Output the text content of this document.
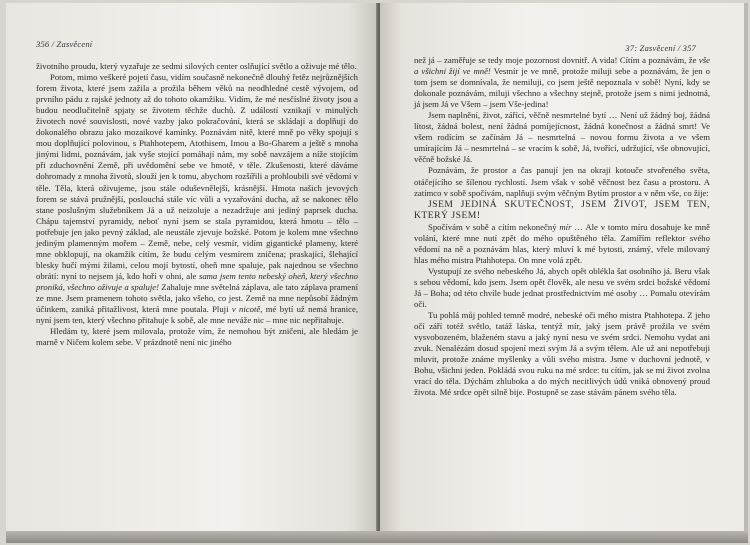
356 / Zasvěcení

životního proudu, který vyzařuje ze sedmi silových center oslňující světlo a oživuje mé tělo.

Potom, mimo veškeré pojetí času, vidím současně nekonečně dlouhý řetěz nejrůznějších forem života, které jsem zažila a prožila během věků na neodhledné cestě vývojem, od prvního pádu z rajské jednoty až do tohoto okamžiku. Vidím, že mé nesčíslné životy jsou a budou neodlučitelně spjaty se životem těchže duchů. Z událostí vznikají v minulých životech nové souvislosti, nové vazby jako pokračování, která se skládají a doplňují do dokonalého obrazu jako mozaikové kamínky. Poznávám nitě, které mně po věky spojují s mou doplňující polovinou, s Ptahhotepem, Atothisem, Imou a Bo-Gharem a ještě s mnoha jinými lidmi, poznávám, jak vyše stojící pomáhají nám, my sobě navzájem a níže stojícím při zduchovnění Země, při uvědomění sebe ve hmotě, v těle. Zkušenosti, které dáváme dohromady z mnoha životů, slouží jen k tomu, abychom rozšířili a prohloubili své vědomí v těle. Těla, která oživujeme, jsou stále oduševnělejší, krásnější. Hmota našich jevových forem se stává pružnější, poslouchá stále víc vůli a vyzařování ducha, až se nakonec tělo stane poslušným služebníkem Já a už neizoluje a nezadržuje ani jediný paprsek ducha. Chápu tajemství pyramidy, neboť nyní jsem se stala pyramidou, která hmotu – tělo – potřebuje jen jako pevný základ, ale neustále zjevuje božské. Potom je kolem mne všechno jediným plamenným mořem – Země, nebe, celý vesmír, vidím gigantické plameny, které mne obklopují, na okamžik cítím, že budu celým vesmírem zničena; praskající, šlehající blesky hučí mými žilami, celou mojí bytostí, oheň mne spaluje, pak najednou se všechno obrátí: nyní to nejsem já, kdo hoří v ohni, ale sama jsem tento nebeský oheň, který všechno proniká, všechno oživuje a spaluje! Zahaluje mne světelná záplava, ale tato záplava pramení ze mne. Jsem pramenem tohoto světla, jako všeho, co jest. Země na mne nepůsobí žádným účinkem, zaniká přitažlivost, která mne poutala. Pluji v nicotě, mé bytí už nemá hranice, nyní jsem ten, který všechno přitahuje k sobě, ale mne neváže nic – mne nic nepřitahuje.

Hledám ty, které jsem milovala, protože vím, že nemohou být zničeni, ale hledám je marně v Ničem kolem sebe. V prázdnotě není nic jiného

37: Zasvěcení / 357

než já – zaměřuje se tedy moje pozornost dovnitř. A vida! Cítím a poznávám, že vše a všichni žijí ve mně! Vesmír je ve mně, protože miluji sebe a poznávám, že jen o tom jsem se domnívala, že nemiluji, co jsem ještě nepoznala v sobě! Nyní, kdy se dokonale poznávám, miluji všechno a všechny stejně, protože jsem s nimi jednotná, já jsem Já ve Všem – jsem Vše-jedina!

Jsem naplnění, život, zářící, věčně nesmrtelné bytí … Není už žádný boj, žádná lítost, žádná bolest, není žádná pomíjejícnost, žádná konečnost a žádná smrt! Ve všem rodícím se začínám Já – nesmrtelná – novou formu života a ve všem umírajícím Já – nesmrtelná – se vracím k sobě, Já, tvořící, udržující, vše obnovující, věčně božské Já.

Poznávám, že prostor a čas panují jen na okraji kotouče stvořeného světa, otáčejícího se šílenou rychlostí. Jsem však v sobě věčnost bez času a prostoru. A zatímco v sobě spočívám, naplňuji svým věčným Bytím prostor a v něm vše, co žije:

JSEM JEDINÁ SKUTEČNOST, JSEM ŽIVOT, JSEM TEN, KTERÝ JSEM!

Spočívám v sobě a cítím nekonečný mír … Ale v tomto míru dosahuje ke mně volání, které mne nutí zpět do mého opuštěného těla. Zamířím reflektor svého vědomí na ně a poznávám hlas, který mluví k mé bytosti, známý, vřele milovaný hlas mého mistra Ptahhotepa. On mne volá zpět.

Vystupují ze svého nebeského Já, abych opět oblékla šat osobního já. Beru však s sebou vědomí, kdo jsem. Jsem opět člověk, ale nesu ve svém srdci božské vědomí Já – Boha; od této chvíle bude jednat prostřednictvím mé osoby … Pomalu otevírám oči.

Tu pohlá můj pohled temně modré, nebeské oči mého mistra Ptahhotepa. Z jeho očí září totéž světlo, tatáž láska, tentýž mír, jaký jsem právě prožila ve svém vysvobozeném, blaženém stavu a jaký nyní nesu ve svém srdci. Nemohu vydat ani zvuk. Nenalézám dosud spojení mezi svým Já a svým tělem. Ale už ani nepotřebuji mluvit, protože známe myšlenky a vůli svého mistra. Jsme v duchovní jednotě, v Bohu, všichni jeden. Pokládá svou ruku na mé srdce: tu cítím, jak se mi život zvolna vrací do těla. Dýchám zhluboka a do mých necitlivých údů vniká obnovený proud života. Mé srdce opět silně bije. Postupně se zase stávám pánem svého těla.
